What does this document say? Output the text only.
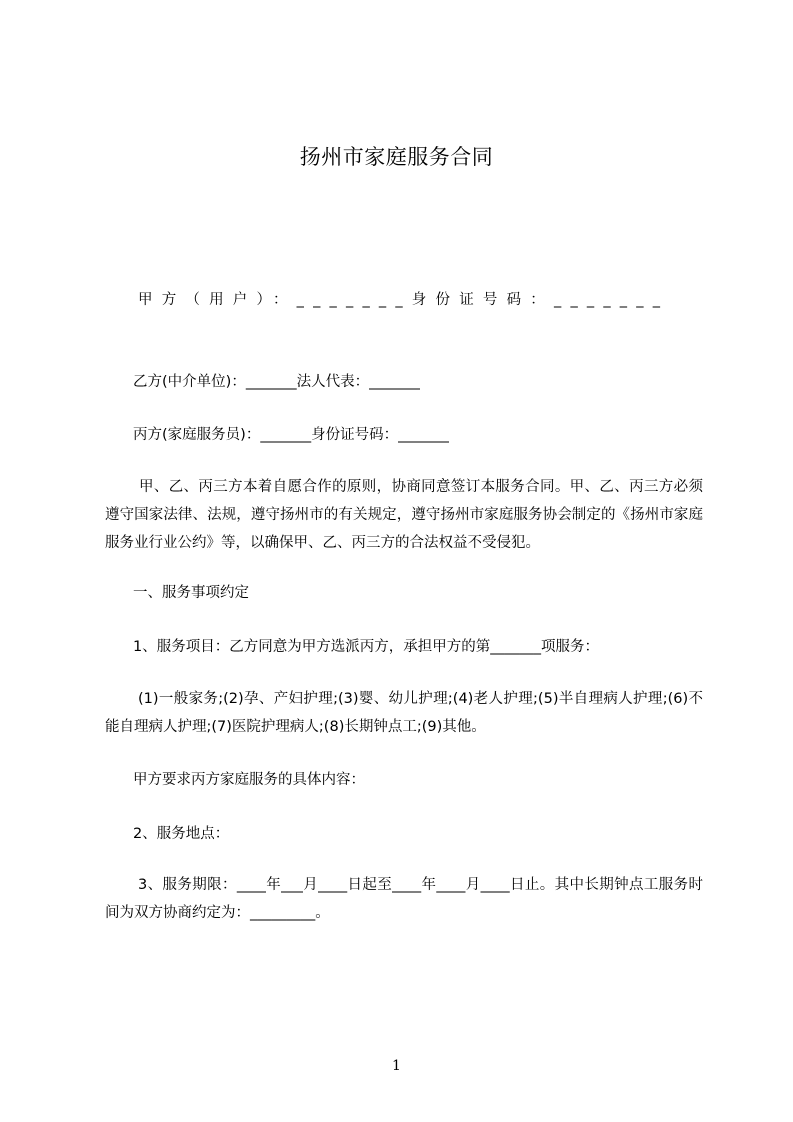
扬州市家庭服务合同
甲方（用户）：_______身份证号码：_______
乙方(中介单位)：_______法人代表：_______
丙方(家庭服务员)：_______身份证号码：_______
甲、乙、丙三方本着自愿合作的原则，协商同意签订本服务合同。甲、乙、丙三方必须遵守国家法律、法规，遵守扬州市的有关规定，遵守扬州市家庭服务协会制定的《扬州市家庭服务业行业公约》等，以确保甲、乙、丙三方的合法权益不受侵犯。
一、服务事项约定
1、服务项目：乙方同意为甲方选派丙方，承担甲方的第_______项服务：
(1)一般家务;(2)孕、产妇护理;(3)婴、幼儿护理;(4)老人护理;(5)半自理病人护理;(6)不能自理病人护理;(7)医院护理病人;(8)长期钟点工;(9)其他。
甲方要求丙方家庭服务的具体内容：
2、服务地点：
3、服务期限：____年___月____日起至____年____月____日止。其中长期钟点工服务时间为双方协商约定为：_________。
1
